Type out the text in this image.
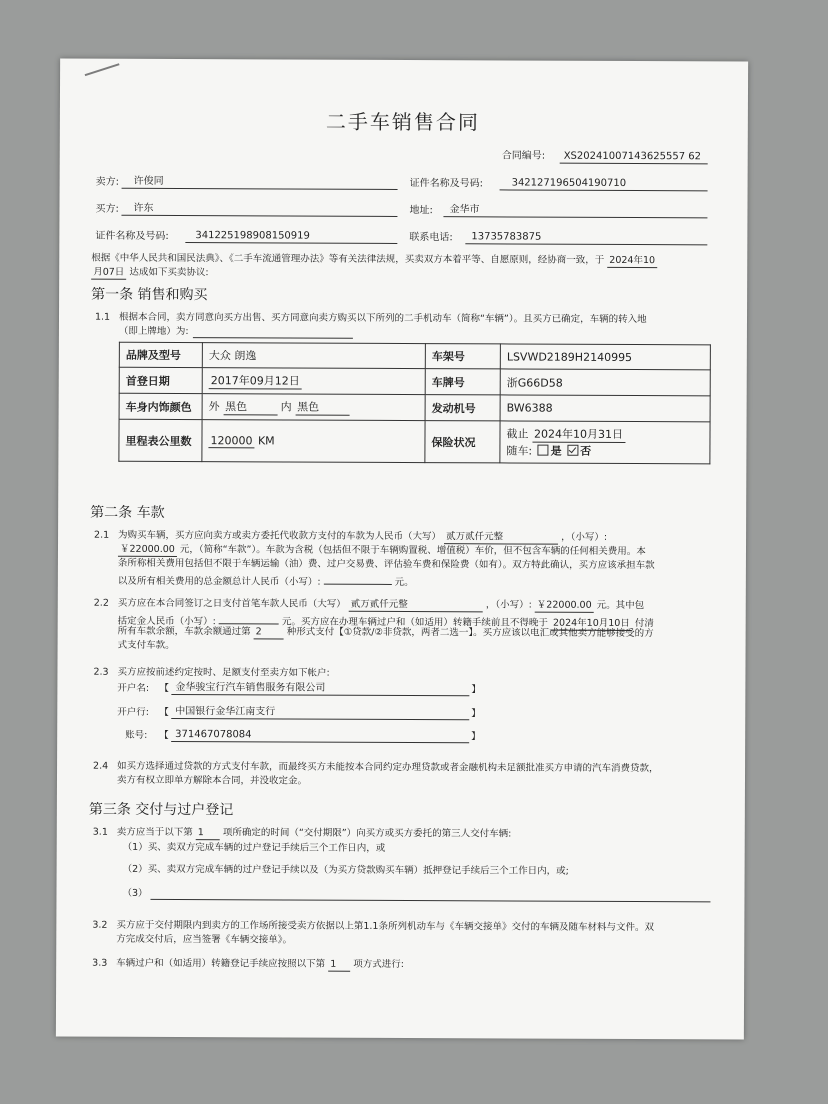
二手车销售合同
合同编号: XS20241007143625557 62
卖方: 许俊同	证件名称及号码:	342127196504190710
买方: 许东	地址: 金华市
证件名称及号码:	341225198908150919	联系电话: 13735783875
根据《中华人民共和国民法典》、《二手车流通管理办法》等有关法律法规，买卖双方本着平等、自愿原则，经协商一致，于 2024年10
月07日 达成如下买卖协议:
第一条 销售和购买
1.1 根据本合同，卖方同意向买方出售、买方同意向卖方购买以下所列的二手机动车（简称“车辆”）。且买方已确定，车辆的转入地
（即上牌地）为:
品牌及型号	大众 朗逸	车架号	LSVWD2189H2140995
首登日期	2017年09月12日	车牌号	浙G66D58
车身内饰颜色	外 黑色 内 黑色	发动机号	BW6388
里程表公里数	120000 KM	保险状况	截止 2024年10月31日
随车: 是 否
第二条 车款
2.1 为购买车辆，买方应向卖方或卖方委托代收款方支付的车款为人民币（大写） 贰万贰仟元整	，（小写）:
￥22000.00 元，（简称“车款”）。车款为含税（包括但不限于车辆购置税、增值税）车价，但不包含车辆的任何相关费用。本
条所称相关费用包括但不限于车辆运输（油）费、过户交易费、评估验车费和保险费（如有）。双方特此确认，买方应该承担车款
以及所有相关费用的总金额总计人民币（小写）:	元。
2.2 买方应在本合同签订之日支付首笔车款人民币（大写） 贰万贰仟元整	，（小写）: ￥22000.00 元。其中包
括定金人民币（小写）:	元。买方应在办理车辆过户和（如适用）转籍手续前且不得晚于 2024年10月10日 付清
所有车款余额，车款余额通过第 2	种形式支付【①贷款/②非贷款，两者二选一】。买方应该以电汇或其他卖方能够接受的方
式支付车款。
2.3 买方应按前述约定按时、足额支付至卖方如下帐户:
开户名: 【 金华骏宝行汽车销售服务有限公司	】
开户行: 【 中国银行金华江南支行	】
账号: 【 371467078084	】
2.4 如买方选择通过贷款的方式支付车款，而最终买方未能按本合同约定办理贷款或者金融机构未足额批准买方申请的汽车消费贷款，
卖方有权立即单方解除本合同，并没收定金。
第三条 交付与过户登记
3.1 卖方应当于以下第 1 项所确定的时间（“交付期限”）向买方或买方委托的第三人交付车辆:
（1）买、卖双方完成车辆的过户登记手续后三个工作日内，或
（2）买、卖双方完成车辆的过户登记手续以及（为买方贷款购买车辆）抵押登记手续后三个工作日内，或;
（3）
3.2 买方应于交付期限内到卖方的工作场所接受卖方依据以上第1.1条所列机动车与《车辆交接单》交付的车辆及随车材料与文件。双
方完成交付后，应当签署《车辆交接单》。
3.3 车辆过户和（如适用）转籍登记手续应按照以下第 1 项方式进行:
